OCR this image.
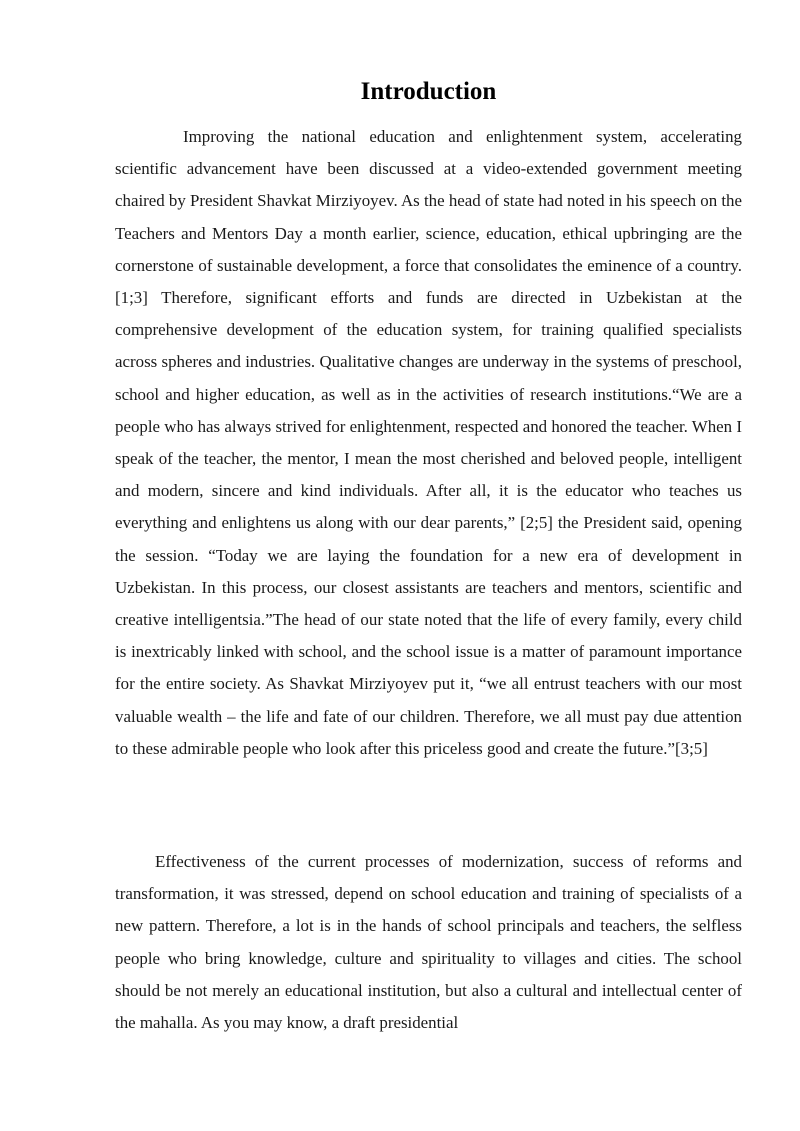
Introduction

Improving the national education and enlightenment system, accelerating scientific advancement have been discussed at a video-extended government meeting chaired by President Shavkat Mirziyoyev. As the head of state had noted in his speech on the Teachers and Mentors Day a month earlier, science, education, ethical upbringing are the cornerstone of sustainable development, a force that consolidates the eminence of a country. [1;3] Therefore, significant efforts and funds are directed in Uzbekistan at the comprehensive development of the education system, for training qualified specialists across spheres and industries. Qualitative changes are underway in the systems of preschool, school and higher education, as well as in the activities of research institutions.“We are a people who has always strived for enlightenment, respected and honored the teacher. When I speak of the teacher, the mentor, I mean the most cherished and beloved people, intelligent and modern, sincere and kind individuals. After all, it is the educator who teaches us everything and enlightens us along with our dear parents,” [2;5] the President said, opening the session. “Today we are laying the foundation for a new era of development in Uzbekistan. In this process, our closest assistants are teachers and mentors, scientific and creative intelligentsia.”The head of our state noted that the life of every family, every child is inextricably linked with school, and the school issue is a matter of paramount importance for the entire society. As Shavkat Mirziyoyev put it, “we all entrust teachers with our most valuable wealth – the life and fate of our children. Therefore, we all must pay due attention to these admirable people who look after this priceless good and create the future.”[3;5]

Effectiveness of the current processes of modernization, success of reforms and transformation, it was stressed, depend on school education and training of specialists of a new pattern. Therefore, a lot is in the hands of school principals and teachers, the selfless people who bring knowledge, culture and spirituality to villages and cities. The school should be not merely an educational institution, but also a cultural and intellectual center of the mahalla. As you may know, a draft presidential
